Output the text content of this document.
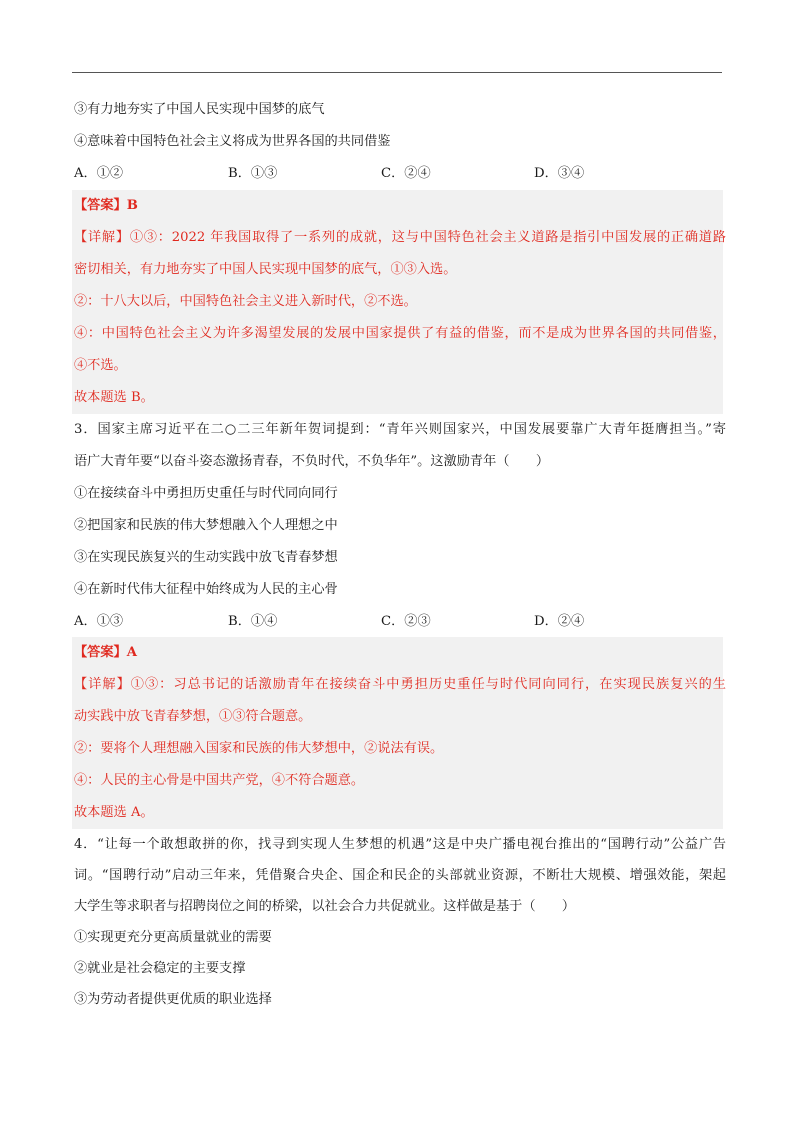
③有力地夯实了中国人民实现中国梦的底气
④意味着中国特色社会主义将成为世界各国的共同借鉴
A．①②	B．①③	C．②④	D．③④
【答案】B
【详解】①③：2022 年我国取得了一系列的成就，这与中国特色社会主义道路是指引中国发展的正确道路
密切相关，有力地夯实了中国人民实现中国梦的底气，①③入选。
②：十八大以后，中国特色社会主义进入新时代，②不选。
④：中国特色社会主义为许多渴望发展的发展中国家提供了有益的借鉴，而不是成为世界各国的共同借鉴，
④不选。
故本题选 B。
3．国家主席习近平在二○二三年新年贺词提到：“青年兴则国家兴，中国发展要靠广大青年挺膺担当。”寄
语广大青年要“以奋斗姿态激扬青春，不负时代，不负华年”。这激励青年（　　）
①在接续奋斗中勇担历史重任与时代同向同行
②把国家和民族的伟大梦想融入个人理想之中
③在实现民族复兴的生动实践中放飞青春梦想
④在新时代伟大征程中始终成为人民的主心骨
A．①③	B．①④	C．②③	D．②④
【答案】A
【详解】①③：习总书记的话激励青年在接续奋斗中勇担历史重任与时代同向同行，在实现民族复兴的生
动实践中放飞青春梦想，①③符合题意。
②：要将个人理想融入国家和民族的伟大梦想中，②说法有误。
④：人民的主心骨是中国共产党，④不符合题意。
故本题选 A。
4．“让每一个敢想敢拼的你，找寻到实现人生梦想的机遇”这是中央广播电视台推出的“国聘行动”公益广告
词。“国聘行动”启动三年来，凭借聚合央企、国企和民企的头部就业资源，不断壮大规模、增强效能，架起
大学生等求职者与招聘岗位之间的桥梁，以社会合力共促就业。这样做是基于（　　）
①实现更充分更高质量就业的需要
②就业是社会稳定的主要支撑
③为劳动者提供更优质的职业选择
